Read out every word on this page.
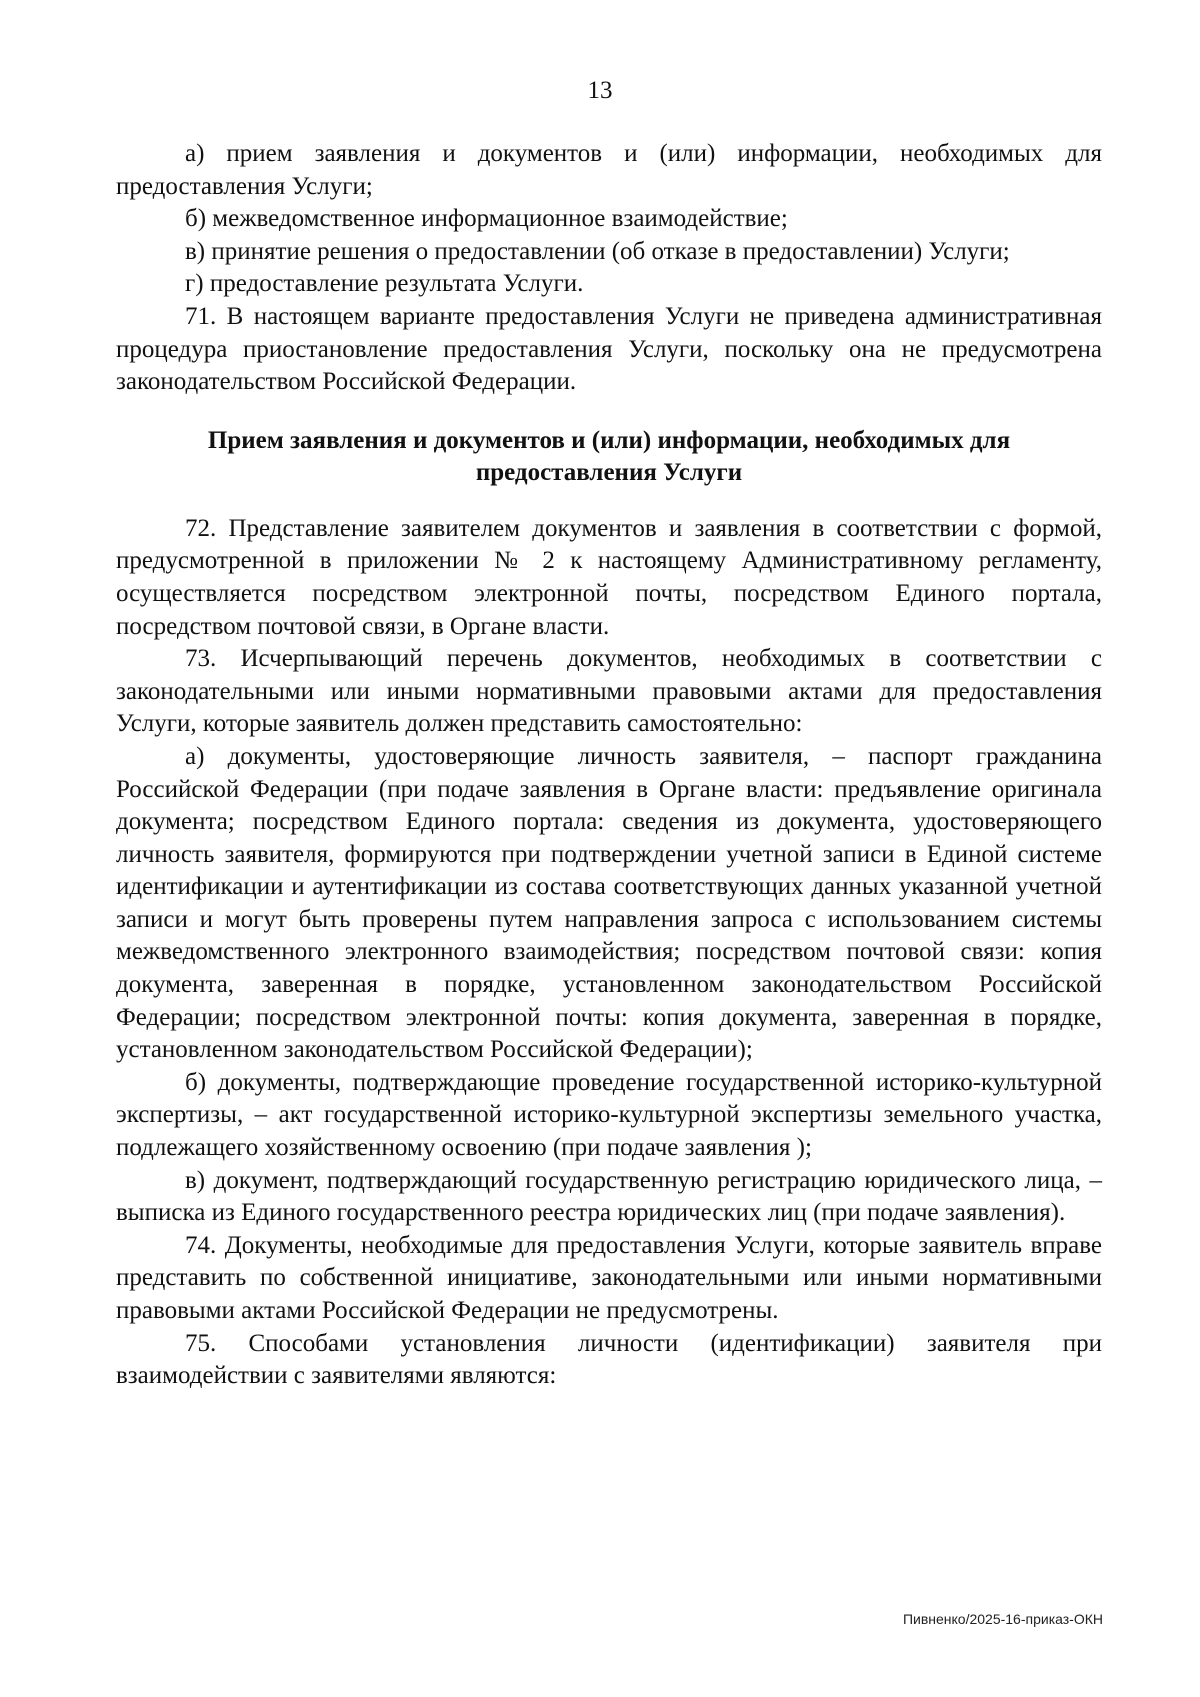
13

а) прием заявления и документов и (или) информации, необходимых для предоставления Услуги;

б) межведомственное информационное взаимодействие;

в) принятие решения о предоставлении (об отказе в предоставлении) Услуги;

г) предоставление результата Услуги.

71. В настоящем варианте предоставления Услуги не приведена административная процедура приостановление предоставления Услуги, поскольку она не предусмотрена законодательством Российской Федерации.

Прием заявления и документов и (или) информации, необходимых для предоставления Услуги

72. Представление заявителем документов и заявления в соответствии с формой, предусмотренной в приложении № 2 к настоящему Административному регламенту, осуществляется посредством электронной почты, посредством Единого портала, посредством почтовой связи, в Органе власти.

73. Исчерпывающий перечень документов, необходимых в соответствии с законодательными или иными нормативными правовыми актами для предоставления Услуги, которые заявитель должен представить самостоятельно:

а) документы, удостоверяющие личность заявителя, – паспорт гражданина Российской Федерации (при подаче заявления в Органе власти: предъявление оригинала документа; посредством Единого портала: сведения из документа, удостоверяющего личность заявителя, формируются при подтверждении учетной записи в Единой системе идентификации и аутентификации из состава соответствующих данных указанной учетной записи и могут быть проверены путем направления запроса с использованием системы межведомственного электронного взаимодействия; посредством почтовой связи: копия документа, заверенная в порядке, установленном законодательством Российской Федерации; посредством электронной почты: копия документа, заверенная в порядке, установленном законодательством Российской Федерации);

б) документы, подтверждающие проведение государственной историко-культурной экспертизы, – акт государственной историко-культурной экспертизы земельного участка, подлежащего хозяйственному освоению (при подаче заявления );

в) документ, подтверждающий государственную регистрацию юридического лица, – выписка из Единого государственного реестра юридических лиц (при подаче заявления).

74. Документы, необходимые для предоставления Услуги, которые заявитель вправе представить по собственной инициативе, законодательными или иными нормативными правовыми актами Российской Федерации не предусмотрены.

75. Способами установления личности (идентификации) заявителя при взаимодействии с заявителями являются:

Пивненко/2025-16-приказ-ОКН
